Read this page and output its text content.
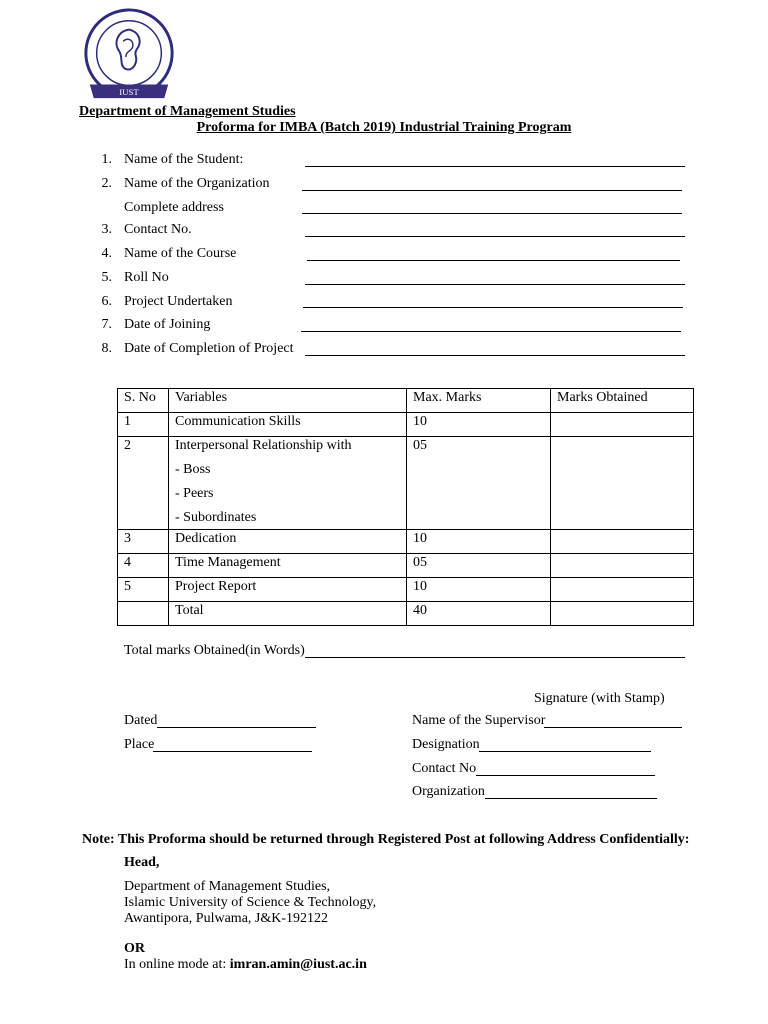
IUST
Department of Management Studies
Proforma for IMBA (Batch 2019) Industrial Training Program
1. Name of the Student:
2. Name of the Organization
Complete address
3. Contact No.
4. Name of the Course
5. Roll No
6. Project Undertaken
7. Date of Joining
8. Date of Completion of Project
S. No	Variables	Max. Marks	Marks Obtained
1	Communication Skills	10	
2	Interpersonal Relationship with
- Boss
- Peers
- Subordinates	05	
3	Dedication	10	
4	Time Management	05	
5	Project Report	10	
	Total	40	
Total marks Obtained(in Words)
Signature (with Stamp)
Dated	Name of the Supervisor
Place	Designation
Contact No
Organization
Note: This Proforma should be returned through Registered Post at following Address Confidentially:
Head,
Department of Management Studies,
Islamic University of Science & Technology,
Awantipora, Pulwama, J&K-192122
OR
In online mode at: imran.amin@iust.ac.in
